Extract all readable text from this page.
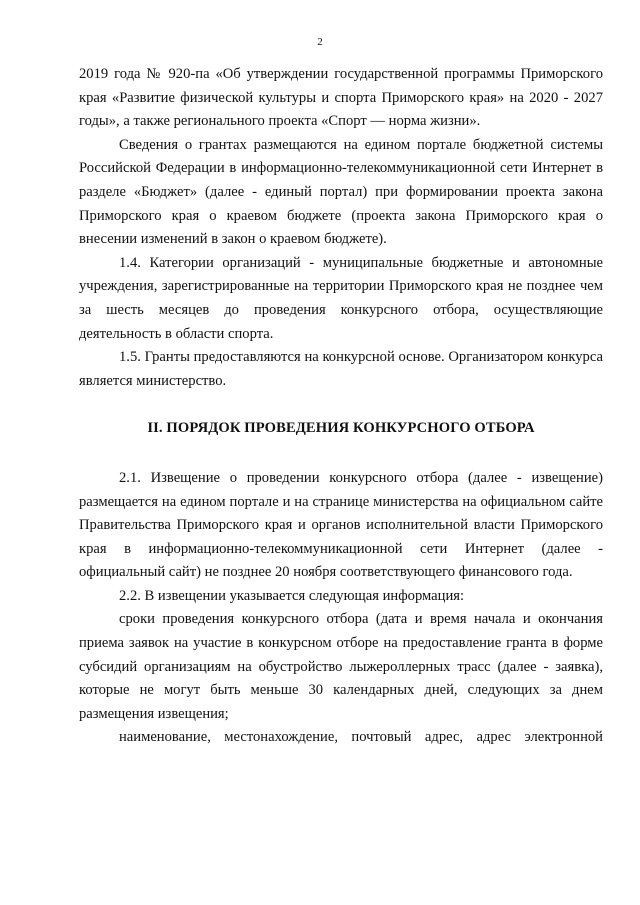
2

2019 года № 920-па «Об утверждении государственной программы Приморского края «Развитие физической культуры и спорта Приморского края» на 2020 - 2027 годы», а также регионального проекта «Спорт — норма жизни».

Сведения о грантах размещаются на едином портале бюджетной системы Российской Федерации в информационно-телекоммуникационной сети Интернет в разделе «Бюджет» (далее - единый портал) при формировании проекта закона Приморского края о краевом бюджете (проекта закона Приморского края о внесении изменений в закон о краевом бюджете).

1.4. Категории организаций - муниципальные бюджетные и автономные учреждения, зарегистрированные на территории Приморского края не позднее чем за шесть месяцев до проведения конкурсного отбора, осуществляющие деятельность в области спорта.

1.5. Гранты предоставляются на конкурсной основе. Организатором конкурса является министерство.

II. ПОРЯДОК ПРОВЕДЕНИЯ КОНКУРСНОГО ОТБОРА

2.1. Извещение о проведении конкурсного отбора (далее - извещение) размещается на едином портале и на странице министерства на официальном сайте Правительства Приморского края и органов исполнительной власти Приморского края в информационно-телекоммуникационной сети Интернет (далее - официальный сайт) не позднее 20 ноября соответствующего финансового года.

2.2. В извещении указывается следующая информация:

сроки проведения конкурсного отбора (дата и время начала и окончания приема заявок на участие в конкурсном отборе на предоставление гранта в форме субсидий организациям на обустройство лыжероллерных трасс (далее - заявка), которые не могут быть меньше 30 календарных дней, следующих за днем размещения извещения;

наименование, местонахождение, почтовый адрес, адрес электронной
